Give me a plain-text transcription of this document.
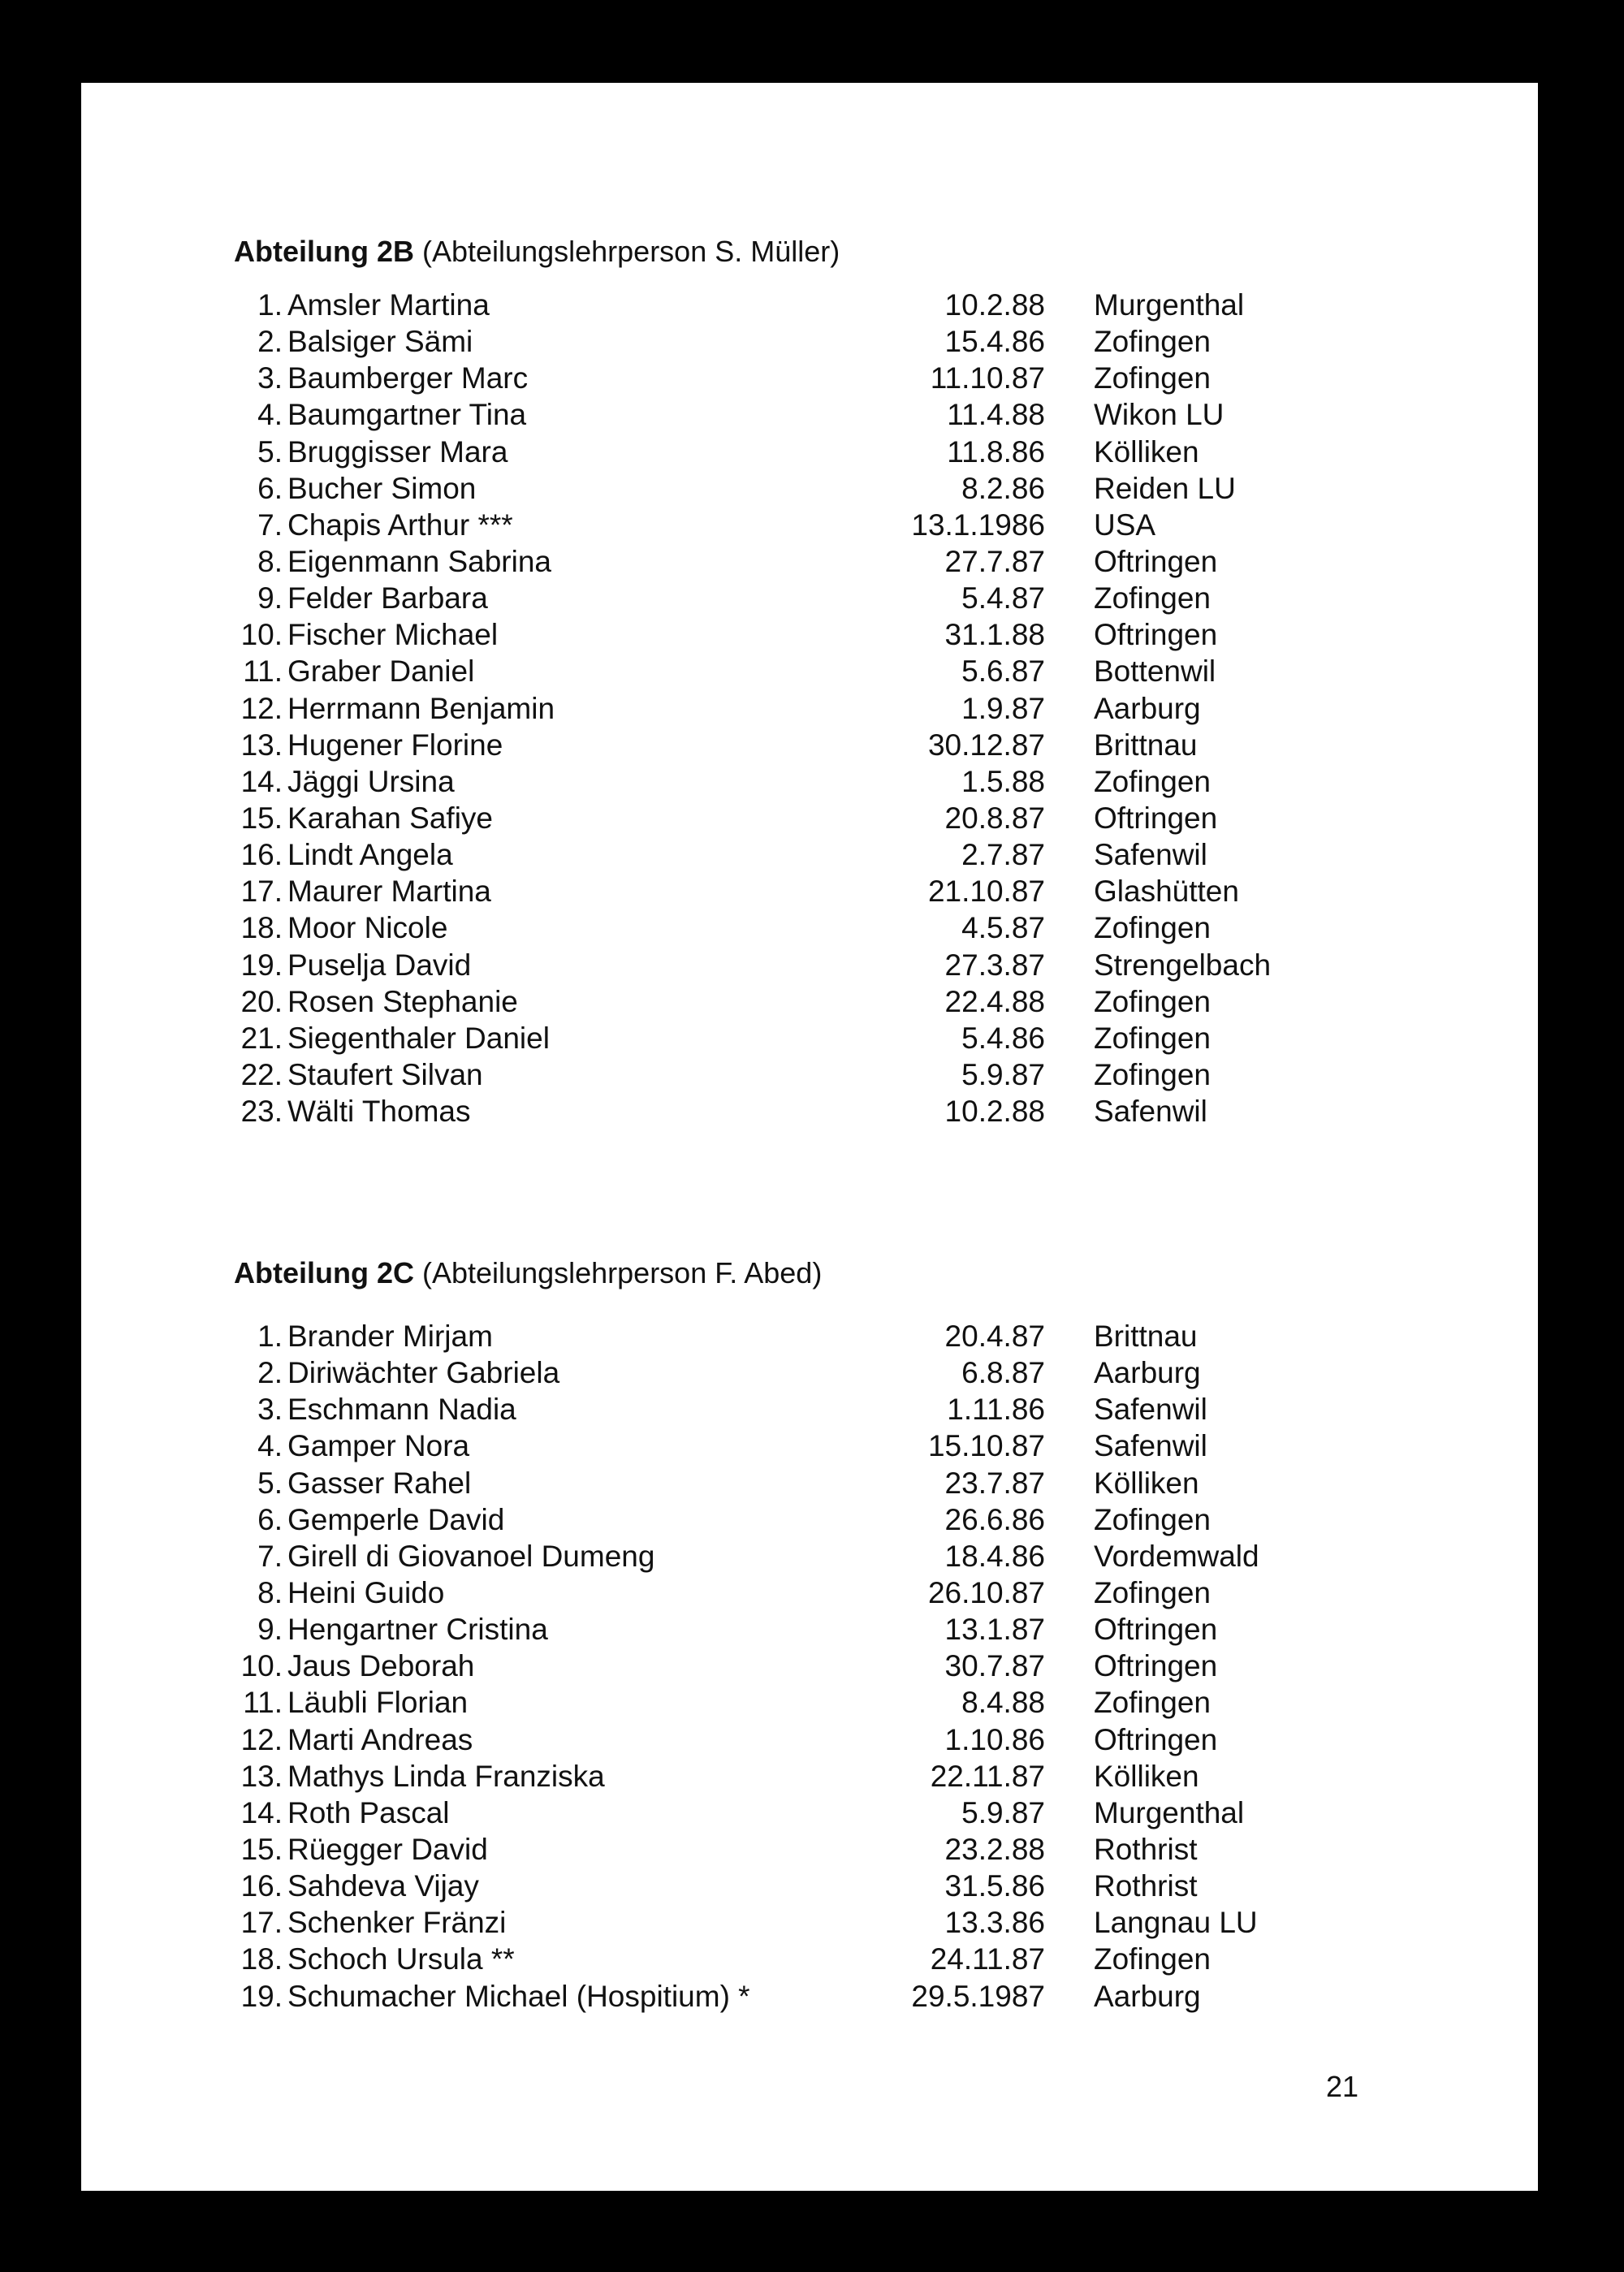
Abteilung 2B (Abteilungslehrperson S. Müller)
1. Amsler Martina	10.2.88 Murgenthal
2. Balsiger Sämi	15.4.86 Zofingen
3. Baumberger Marc	11.10.87 Zofingen
4. Baumgartner Tina	11.4.88 Wikon LU
5. Bruggisser Mara	11.8.86 Kölliken
6. Bucher Simon	8.2.86 Reiden LU
7. Chapis Arthur ***	13.1.1986 USA
8. Eigenmann Sabrina	27.7.87 Oftringen
9. Felder Barbara	5.4.87 Zofingen
10. Fischer Michael	31.1.88 Oftringen
11. Graber Daniel	5.6.87 Bottenwil
12. Herrmann Benjamin	1.9.87 Aarburg
13. Hugener Florine	30.12.87 Brittnau
14. Jäggi Ursina	1.5.88 Zofingen
15. Karahan Safiye	20.8.87 Oftringen
16. Lindt Angela	2.7.87 Safenwil
17. Maurer Martina	21.10.87 Glashütten
18. Moor Nicole	4.5.87 Zofingen
19. Puselja David	27.3.87 Strengelbach
20. Rosen Stephanie	22.4.88 Zofingen
21. Siegenthaler Daniel	5.4.86 Zofingen
22. Staufert Silvan	5.9.87 Zofingen
23. Wälti Thomas	10.2.88 Safenwil
Abteilung 2C (Abteilungslehrperson F. Abed)
1. Brander Mirjam	20.4.87 Brittnau
2. Diriwächter Gabriela	6.8.87 Aarburg
3. Eschmann Nadia	1.11.86 Safenwil
4. Gamper Nora	15.10.87 Safenwil
5. Gasser Rahel	23.7.87 Kölliken
6. Gemperle David	26.6.86 Zofingen
7. Girell di Giovanoel Dumeng	18.4.86 Vordemwald
8. Heini Guido	26.10.87 Zofingen
9. Hengartner Cristina	13.1.87 Oftringen
10. Jaus Deborah	30.7.87 Oftringen
11. Läubli Florian	8.4.88 Zofingen
12. Marti Andreas	1.10.86 Oftringen
13. Mathys Linda Franziska	22.11.87 Kölliken
14. Roth Pascal	5.9.87 Murgenthal
15. Rüegger David	23.2.88 Rothrist
16. Sahdeva Vijay	31.5.86 Rothrist
17. Schenker Fränzi	13.3.86 Langnau LU
18. Schoch Ursula **	24.11.87 Zofingen
19. Schumacher Michael (Hospitium) *	29.5.1987 Aarburg
21
